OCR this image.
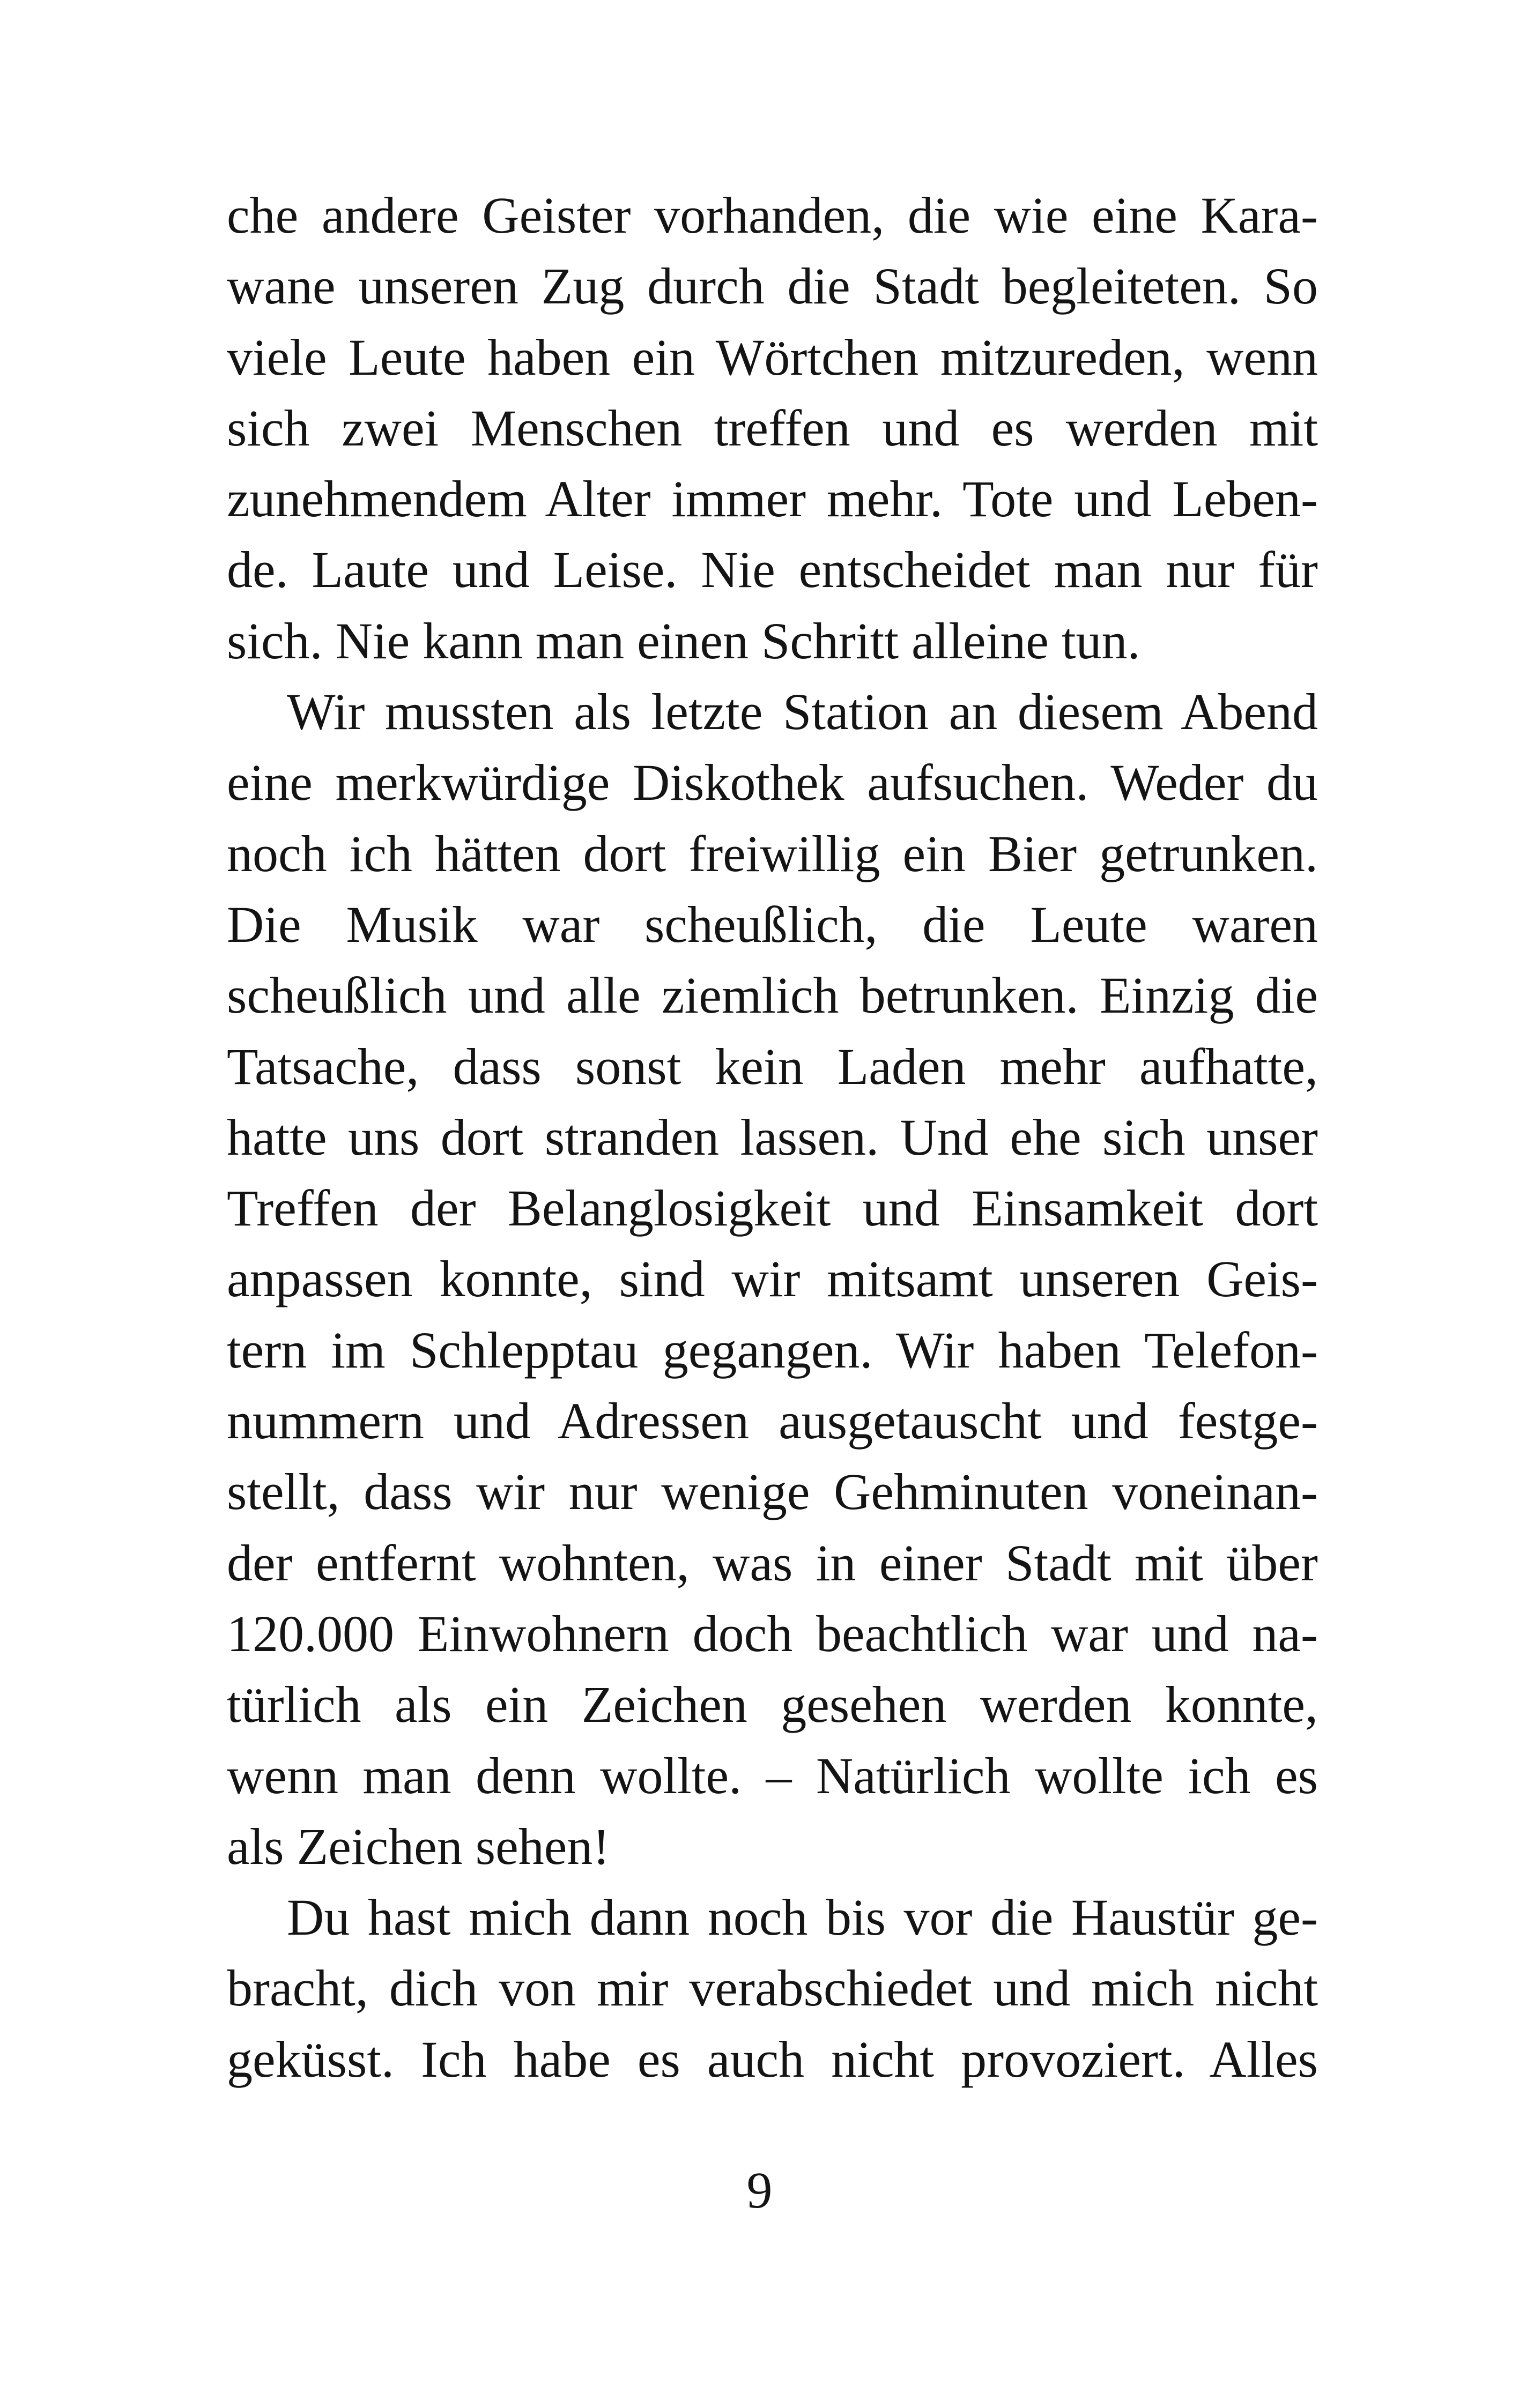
che andere Geister vorhanden, die wie eine Kara-
wane unseren Zug durch die Stadt begleiteten. So
viele Leute haben ein Wörtchen mitzureden, wenn
sich zwei Menschen treffen und es werden mit
zunehmendem Alter immer mehr. Tote und Leben-
de. Laute und Leise. Nie entscheidet man nur für
sich. Nie kann man einen Schritt alleine tun.
Wir mussten als letzte Station an diesem Abend
eine merkwürdige Diskothek aufsuchen. Weder du
noch ich hätten dort freiwillig ein Bier getrunken.
Die Musik war scheußlich, die Leute waren
scheußlich und alle ziemlich betrunken. Einzig die
Tatsache, dass sonst kein Laden mehr aufhatte,
hatte uns dort stranden lassen. Und ehe sich unser
Treffen der Belanglosigkeit und Einsamkeit dort
anpassen konnte, sind wir mitsamt unseren Geis-
tern im Schlepptau gegangen. Wir haben Telefon-
nummern und Adressen ausgetauscht und festge-
stellt, dass wir nur wenige Gehminuten voneinan-
der entfernt wohnten, was in einer Stadt mit über
120.000 Einwohnern doch beachtlich war und na-
türlich als ein Zeichen gesehen werden konnte,
wenn man denn wollte. – Natürlich wollte ich es
als Zeichen sehen!
Du hast mich dann noch bis vor die Haustür ge-
bracht, dich von mir verabschiedet und mich nicht
geküsst. Ich habe es auch nicht provoziert. Alles
9
